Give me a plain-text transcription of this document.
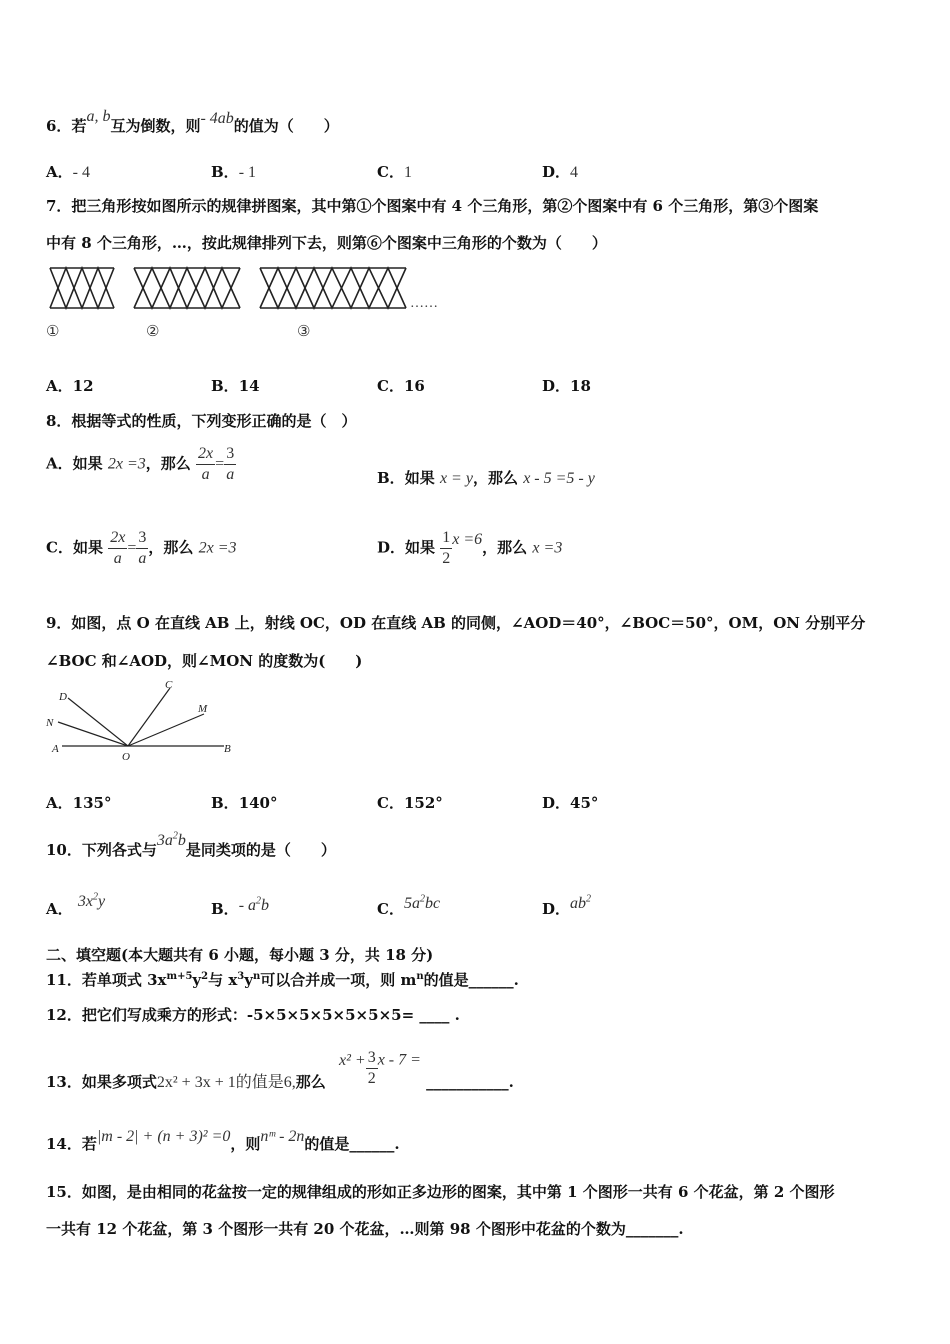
6．若a, b互为倒数，则- 4ab的值为（　　）
A．- 4	B．- 1	C．1	D．4
7．把三角形按如图所示的规律拼图案，其中第①个图案中有 4 个三角形，第②个图案中有 6 个三角形，第③个图案
中有 8 个三角形，…，按此规律排列下去，则第⑥个图案中三角形的个数为（　　）
……
①	②	③
A．12	B．14	C．16	D．18
8．根据等式的性质，下列变形正确的是（　）
A．如果 2x =3，那么 $\frac{2x}{a} = \frac{3}{a}$	B．如果 x = y，那么 x - 5 =5 - y
C．如果 $\frac{2x}{a} = \frac{3}{a}$ ，那么 2x =3	D．如果 $\frac{1}{2}$ x =6，那么 x =3
9．如图，点 O 在直线 AB 上，射线 OC，OD 在直线 AB 的同侧，∠AOD＝40°，∠BOC＝50°，OM，ON 分别平分
∠BOC 和∠AOD，则∠MON 的度数为(　　)
D
C
N
M
A
O
B
A．135°	B．140°	C．152°	D．45°
10．下列各式与$3a^2b$是同类项的是（　　）
A． $3x^2y$	B．- $a^2b$	C．$5a^2bc$	D．$ab^2$
二、填空题(本大题共有 6 小题，每小题 3 分，共 18 分)
11．若单项式 $3x^{m+5}y^2$与 $x^3y^n$可以合并成一项，则 $m^n$的值是______.
12．把它们写成乘方的形式：-5×5×5×5×5×5×5= ____ .
13．如果多项式2x² + 3x + 1的值是6,那么 $x^2 + \frac{3}{2}$ x - 7 = ___________.
14．若|m - 2| + (n + 3)² =0，则nᵐ - 2n的值是______.
15．如图，是由相同的花盆按一定的规律组成的形如正多边形的图案，其中第 1 个图形一共有 6 个花盆，第 2 个图形
一共有 12 个花盆，第 3 个图形一共有 20 个花盆，…则第 98 个图形中花盆的个数为_______.
